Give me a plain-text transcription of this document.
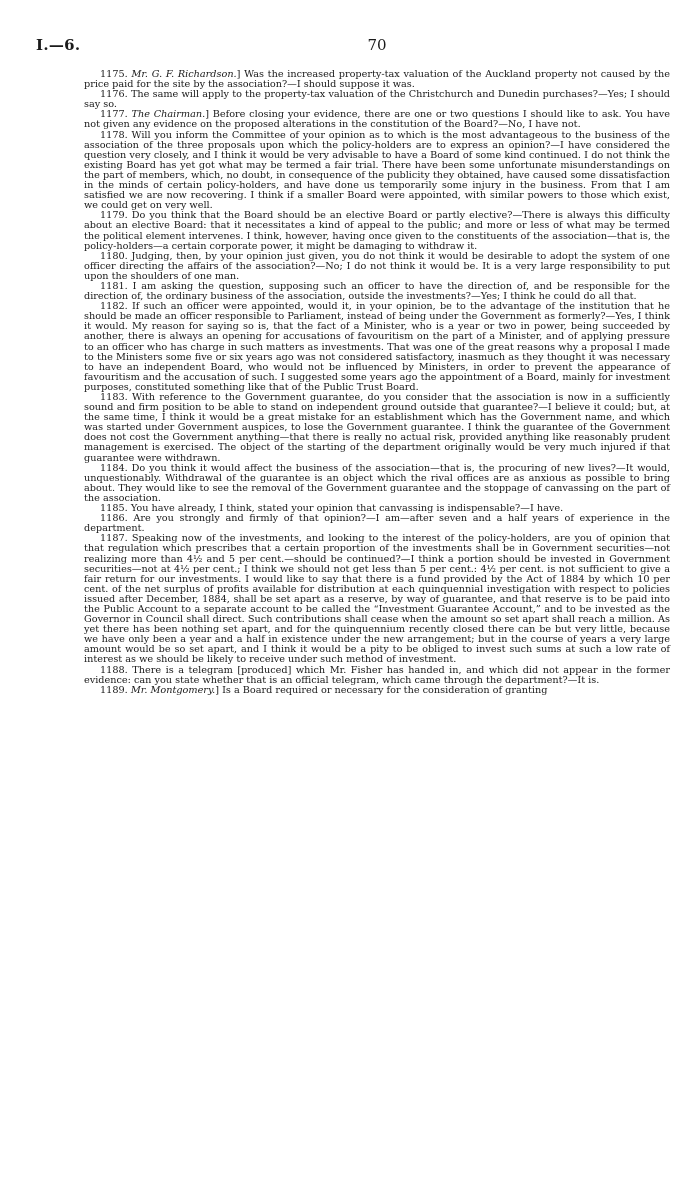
I.—6.	70

1175. Mr. G. F. Richardson.] Was the increased property-tax valuation of the Auckland property not caused by the price paid for the site by the association?—I should suppose it was.

1176. The same will apply to the property-tax valuation of the Christchurch and Dunedin purchases?—Yes; I should say so.

1177. The Chairman.] Before closing your evidence, there are one or two questions I should like to ask. You have not given any evidence on the proposed alterations in the constitution of the Board?—No, I have not.

1178. Will you inform the Committee of your opinion as to which is the most advantageous to the business of the association of the three proposals upon which the policy-holders are to express an opinion?—I have considered the question very closely, and I think it would be very advisable to have a Board of some kind continued. I do not think the existing Board has yet got what may be termed a fair trial. There have been some unfortunate misunderstandings on the part of members, which, no doubt, in consequence of the publicity they obtained, have caused some dissatisfaction in the minds of certain policy-holders, and have done us temporarily some injury in the business. From that I am satisfied we are now recovering. I think if a smaller Board were appointed, with similar powers to those which exist, we could get on very well.

1179. Do you think that the Board should be an elective Board or partly elective?—There is always this difficulty about an elective Board: that it necessitates a kind of appeal to the public; and more or less of what may be termed the political element intervenes. I think, however, having once given to the constituents of the association—that is, the policy-holders—a certain corporate power, it might be damaging to withdraw it.

1180. Judging, then, by your opinion just given, you do not think it would be desirable to adopt the system of one officer directing the affairs of the association?—No; I do not think it would be. It is a very large responsibility to put upon the shoulders of one man.

1181. I am asking the question, supposing such an officer to have the direction of, and be responsible for the direction of, the ordinary business of the association, outside the investments?—Yes; I think he could do all that.

1182. If such an officer were appointed, would it, in your opinion, be to the advantage of the institution that he should be made an officer responsible to Parliament, instead of being under the Government as formerly?—Yes, I think it would. My reason for saying so is, that the fact of a Minister, who is a year or two in power, being succeeded by another, there is always an opening for accusations of favouritism on the part of a Minister, and of applying pressure to an officer who has charge in such matters as investments. That was one of the great reasons why a proposal I made to the Ministers some five or six years ago was not considered satisfactory, inasmuch as they thought it was necessary to have an independent Board, who would not be influenced by Ministers, in order to prevent the appearance of favouritism and the accusation of such. I suggested some years ago the appointment of a Board, mainly for investment purposes, constituted something like that of the Public Trust Board.

1183. With reference to the Government guarantee, do you consider that the association is now in a sufficiently sound and firm position to be able to stand on independent ground outside that guarantee?—I believe it could; but, at the same time, I think it would be a great mistake for an establishment which has the Government name, and which was started under Government auspices, to lose the Government guarantee. I think the guarantee of the Government does not cost the Government anything—that there is really no actual risk, provided anything like reasonably prudent management is exercised. The object of the starting of the department originally would be very much injured if that guarantee were withdrawn.

1184. Do you think it would affect the business of the association—that is, the procuring of new lives?—It would, unquestionably. Withdrawal of the guarantee is an object which the rival offices are as anxious as possible to bring about. They would like to see the removal of the Government guarantee and the stoppage of canvassing on the part of the association.

1185. You have already, I think, stated your opinion that canvassing is indispensable?—I have.

1186. Are you strongly and firmly of that opinion?—I am—after seven and a half years of experience in the department.

1187. Speaking now of the investments, and looking to the interest of the policy-holders, are you of opinion that that regulation which prescribes that a certain proportion of the investments shall be in Government securities—not realizing more than 4½ and 5 per cent.—should be continued?—I think a portion should be invested in Government securities—not at 4½ per cent.; I think we should not get less than 5 per cent.: 4½ per cent. is not sufficient to give a fair return for our investments. I would like to say that there is a fund provided by the Act of 1884 by which 10 per cent. of the net surplus of profits available for distribution at each quinquennial investigation with respect to policies issued after December, 1884, shall be set apart as a reserve, by way of guarantee, and that reserve is to be paid into the Public Account to a separate account to be called the “Investment Guarantee Account,” and to be invested as the Governor in Council shall direct. Such contributions shall cease when the amount so set apart shall reach a million. As yet there has been nothing set apart, and for the quinquennium recently closed there can be but very little, because we have only been a year and a half in existence under the new arrangement; but in the course of years a very large amount would be so set apart, and I think it would be a pity to be obliged to invest such sums at such a low rate of interest as we should be likely to receive under such method of investment.

1188. There is a telegram [produced] which Mr. Fisher has handed in, and which did not appear in the former evidence: can you state whether that is an official telegram, which came through the department?—It is.

1189. Mr. Montgomery.] Is a Board required or necessary for the consideration of granting
